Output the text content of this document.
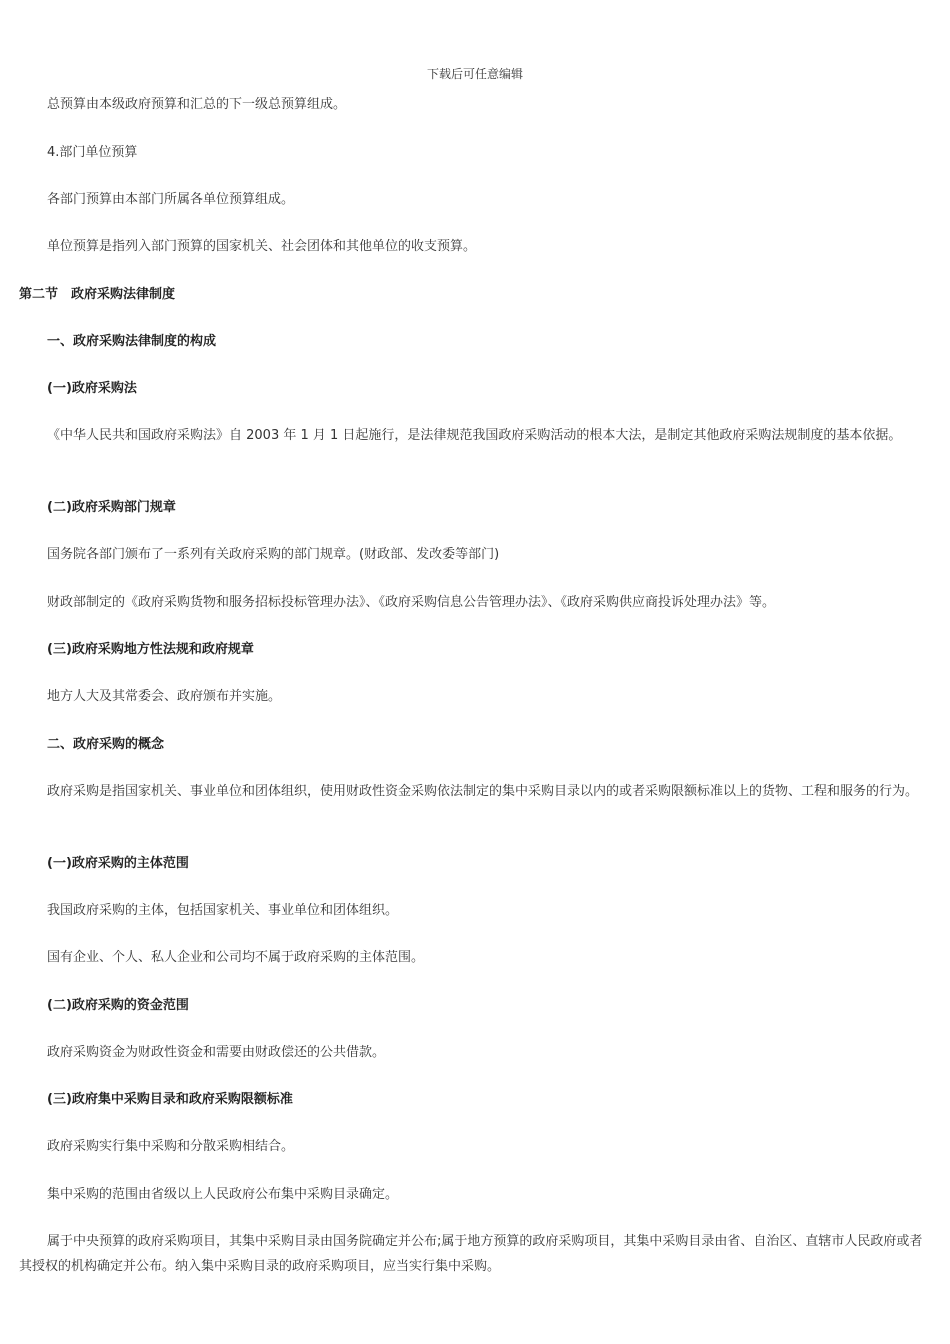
下载后可任意编辑

总预算由本级政府预算和汇总的下一级总预算组成。

4.部门单位预算

各部门预算由本部门所属各单位预算组成。

单位预算是指列入部门预算的国家机关、社会团体和其他单位的收支预算。

第二节　政府采购法律制度

一、政府采购法律制度的构成

(一)政府采购法

《中华人民共和国政府采购法》自 2003 年 1 月 1 日起施行，是法律规范我国政府采购活动的根本大法，是制定其他政府采购法规制度的基本依据。

(二)政府采购部门规章

国务院各部门颁布了一系列有关政府采购的部门规章。(财政部、发改委等部门)

财政部制定的《政府采购货物和服务招标投标管理办法》、《政府采购信息公告管理办法》、《政府采购供应商投诉处理办法》等。

(三)政府采购地方性法规和政府规章

地方人大及其常委会、政府颁布并实施。

二、政府采购的概念

政府采购是指国家机关、事业单位和团体组织，使用财政性资金采购依法制定的集中采购目录以内的或者采购限额标准以上的货物、工程和服务的行为。

(一)政府采购的主体范围

我国政府采购的主体，包括国家机关、事业单位和团体组织。

国有企业、个人、私人企业和公司均不属于政府采购的主体范围。

(二)政府采购的资金范围

政府采购资金为财政性资金和需要由财政偿还的公共借款。

(三)政府集中采购目录和政府采购限额标准

政府采购实行集中采购和分散采购相结合。

集中采购的范围由省级以上人民政府公布集中采购目录确定。

属于中央预算的政府采购项目，其集中采购目录由国务院确定并公布;属于地方预算的政府采购项目，其集中采购目录由省、自治区、直辖市人民政府或者其授权的机构确定并公布。纳入集中采购目录的政府采购项目，应当实行集中采购。
